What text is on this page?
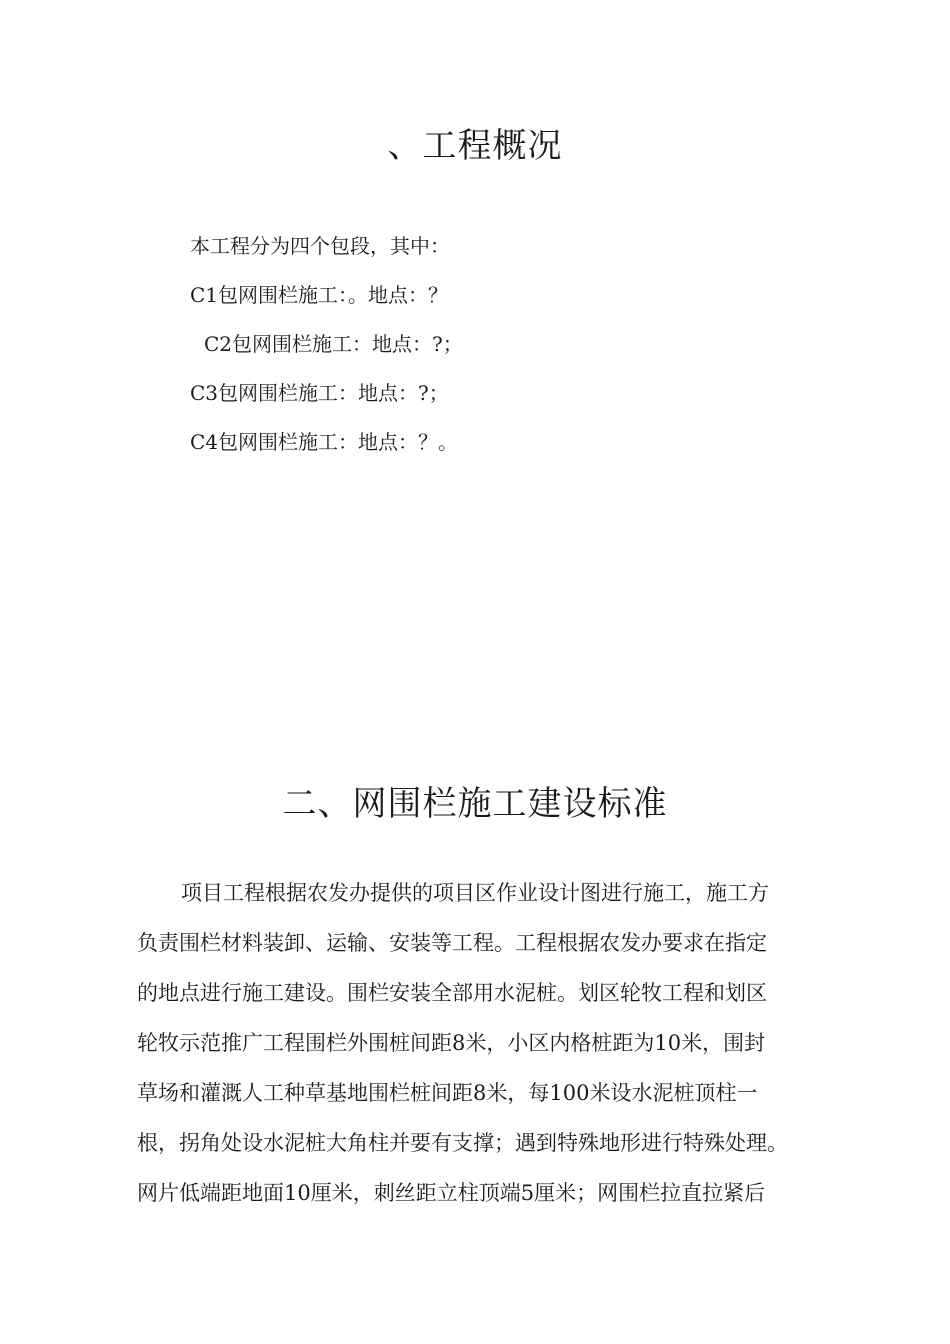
、工程概况
本工程分为四个包段，其中：
C1包网围栏施工：。地点：？
C2包网围栏施工：地点：?；
C3包网围栏施工：地点：?；
C4包网围栏施工：地点：？。
二、网围栏施工建设标准
项目工程根据农发办提供的项目区作业设计图进行施工，施工方
负责围栏材料装卸、运输、安装等工程。工程根据农发办要求在指定
的地点进行施工建设。围栏安装全部用水泥桩。划区轮牧工程和划区
轮牧示范推广工程围栏外围桩间距8米，小区内格桩距为10米，围封
草场和灌溉人工种草基地围栏桩间距8米，每100米设水泥桩顶柱一
根，拐角处设水泥桩大角柱并要有支撑；遇到特殊地形进行特殊处理。
网片低端距地面10厘米，刺丝距立柱顶端5厘米；网围栏拉直拉紧后
